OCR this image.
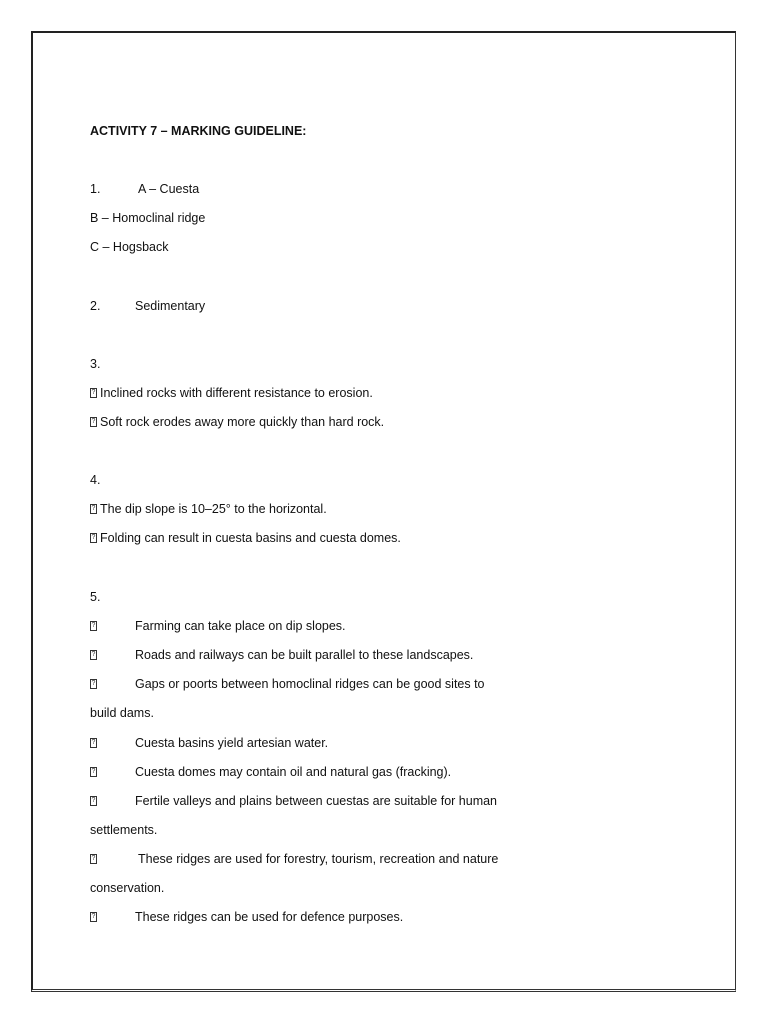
ACTIVITY 7 – MARKING GUIDELINE:
1.	A – Cuesta
B – Homoclinal ridge
C – Hogsback
2.	Sedimentary
3.
?Inclined rocks with different resistance to erosion.
?Soft rock erodes away more quickly than hard rock.
4.
?The dip slope is 10–25° to the horizontal.
?Folding can result in cuesta basins and cuesta domes.
5.
?
Farming can take place on dip slopes.
?
Roads and railways can be built parallel to these landscapes.
?
Gaps or poorts between homoclinal ridges can be good sites to
build dams.
?
Cuesta basins yield artesian water.
?
Cuesta domes may contain oil and natural gas (fracking).
?
Fertile valleys and plains between cuestas are suitable for human
settlements.
?
These ridges are used for forestry, tourism, recreation and nature
conservation.
?
These ridges can be used for defence purposes.
